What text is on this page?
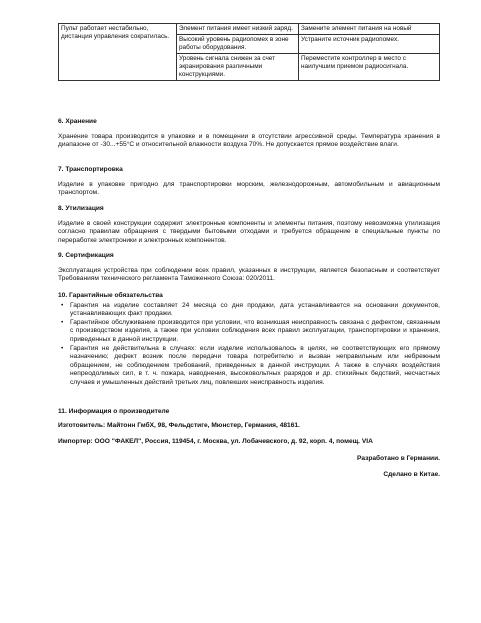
Пульт работает нестабильно, дистанция управления сократилась.	Элемент питания имеет низкий заряд.	Замените элемент питания на новый
	Высокий уровень радиопомех в зоне работы оборудования.	Устраните источник радиопомех.
	Уровень сигнала снижен за счет экранирования различными конструкциями.	Переместите контроллер в место с наилучшим приемом радиосигнала.
6. Хранение

Хранение товара производится в упаковке и в помещении в отсутствии агрессивной среды. Температура хранения в диапазоне от -30...+55°С и относительной влажности воздуха 70%. Не допускается прямое воздействие влаги.

7. Транспортировка

Изделие в упаковке пригодно для транспортировки морским, железнодорожным, автомобильным и авиационным транспортом.

8. Утилизация

Изделие в своей конструкции содержит электронные компоненты и элементы питания, поэтому невозможна утилизация согласно правилам обращения с твердыми бытовыми отходами и требуется обращение в специальные пункты по переработке электроники и электронных компонентов.

9. Сертификация

Эксплуатация устройства при соблюдении всех правил, указанных в инструкции, является безопасным и соответствует Требованиям технического регламента Таможенного Союза: 020/2011.

10. Гарантийные обязательства
• Гарантия на изделие составляет 24 месяца со дня продажи, дата устанавливается на основании документов, устанавливающих факт продажи.
• Гарантийное обслуживание производится при условии, что возникшая неисправность связана с дефектом, связанным с производством изделия, а также при условии соблюдения всех правил эксплуатации, транспортировки и хранения, приведенных в данной инструкции.
• Гарантия не действительна в случаях: если изделие использовалось в целях, не соответствующих его прямому назначению; дефект возник после передачи товара потребителю и вызван неправильным или небрежным обращением, не соблюдением требований, приведенных в данной инструкции. А также в случаях воздействия непреодолимых сил, в т. ч. пожара, наводнения, высоковольтных разрядов и др. стихийных бедствий, несчастных случаев и умышленных действий третьих лиц, повлекших неисправность изделия.
11. Информация о производителе
Изготовитель: Майтонн ГмбХ, 98, Фельдстиге, Мюнстер, Германия, 48161.
Импортер: ООО "ФАКЕЛ", Россия, 119454, г. Москва, ул. Лобачевского, д. 92, корп. 4, помещ. VIA
Разработано в Германии.
Сделано в Китае.
